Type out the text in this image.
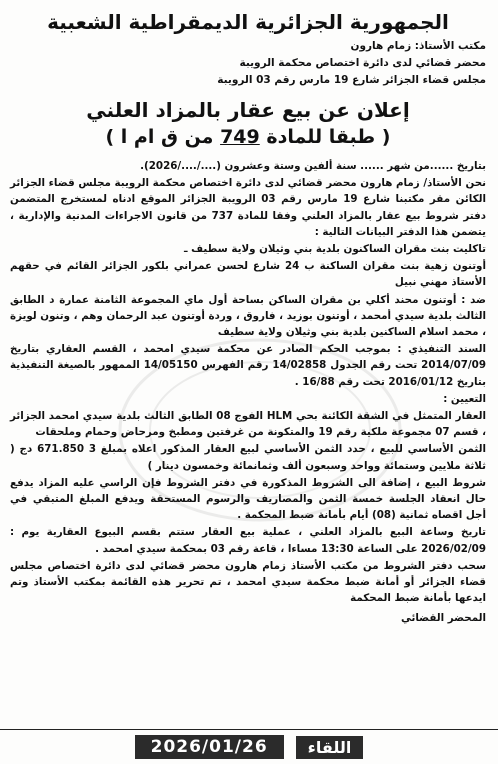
الجمهورية الجزائرية الديمقراطية الشعبية
مكتب الأستاذ: زمام هارون
محضر قضائي لدى دائرة اختصاص محكمة الرويبة
مجلس قضاء الجزائر شارع 19 مارس رقم 03 الرويبة
إعلان عن بيع عقار بالمزاد العلني
( طبقا للمادة 749 من ق ام ا )

بتاريخ ......من شهر ...... سنة ألفين وستة وعشرون (..../..../2026).

نحن الأستاذ/ زمام هارون محضر قضائي لدى دائرة اختصاص محكمة الرويبة مجلس قضاء الجزائر الكائن مقر مكتبنا شارع 19 مارس رقم 03 الرويبة الجزائر الموقع ادناه لمستخرج المتضمن دفتر شروط بيع عقار بالمزاد العلني وفقا للمادة 737 من قانون الاجراءات المدنية والإدارية ، يتضمن هذا الدفتر البيانات التالية :

تاكليت بنت مقران الساكنون بلدية بني وثيلان ولاية سطيف ـ

أوتنون زهية بنت مقران الساكنة ب 24 شارع لحسن عمراني بلكور الجزائر القائم في حقهم الأستاذ مهني نبيل

ضد : أوتنون محند أكلي بن مقران الساكن بساحة أول ماي المجموعة الثامنة عمارة د الطابق الثالث بلدية سيدي أمحمد ، أوتنون بوزيد ، فاروق ، وردة أوتنون عبد الرحمان وهم ، وتنون لويزة ، محمد اسلام الساكنين بلدية بني وثيلان ولاية سطيف

السند التنفيذي : بموجب الحكم الصادر عن محكمة سيدي امحمد ، القسم العقاري بتاريخ 2014/07/09 تحت رقم الجدول 14/02858 رقم الفهرس 14/05150 الممهور بالصيغة التنفيذية بتاريخ 2016/01/12 تحت رقم 16/88 .

التعيين :

العقار المتمثل في الشقة الكائنة بحي HLM الفوج 08 الطابق الثالث بلدية سيدي امحمد الجزائر ، قسم 07 مجموعة ملكية رقم 19 والمتكونة من غرفتين ومطبخ ومرحاض وحمام وملحقات

الثمن الأساسي للبيع ، حدد الثمن الأساسي لبيع العقار المذكور اعلاه بمبلغ 3 671.850 دج ( ثلاثة ملايين وستمائة وواحد وسبعون ألف وثمانمائة وخمسون دينار )

شروط البيع ، إضافة الى الشروط المذكورة في دفتر الشروط فإن الراسي عليه المزاد يدفع حال انعقاد الجلسة خمسة الثمن والمصاريف والرسوم المستحقة ويدفع المبلغ المتبقي في أجل اقصاه ثمانية (08) أيام بأمانة ضبط المحكمة .

تاريخ وساعة البيع بالمزاد العلني ، عملية بيع العقار ستتم بقسم البيوع العقارية يوم : 2026/02/09 على الساعة 13:30 مساءا ، قاعة رقم 03 بمحكمة سيدي امحمد .

سحب دفتر الشروط من مكتب الأستاذ زمام هارون محضر قضائي لدى دائرة اختصاص مجلس قضاء الجزائر أو أمانة ضبط محكمة سيدي امحمد ، تم تحرير هذه القائمة بمكتب الأستاذ وتم ايدعها بأمانة ضبط المحكمة

المحضر القضائي
2026/01/26	اللقاء
